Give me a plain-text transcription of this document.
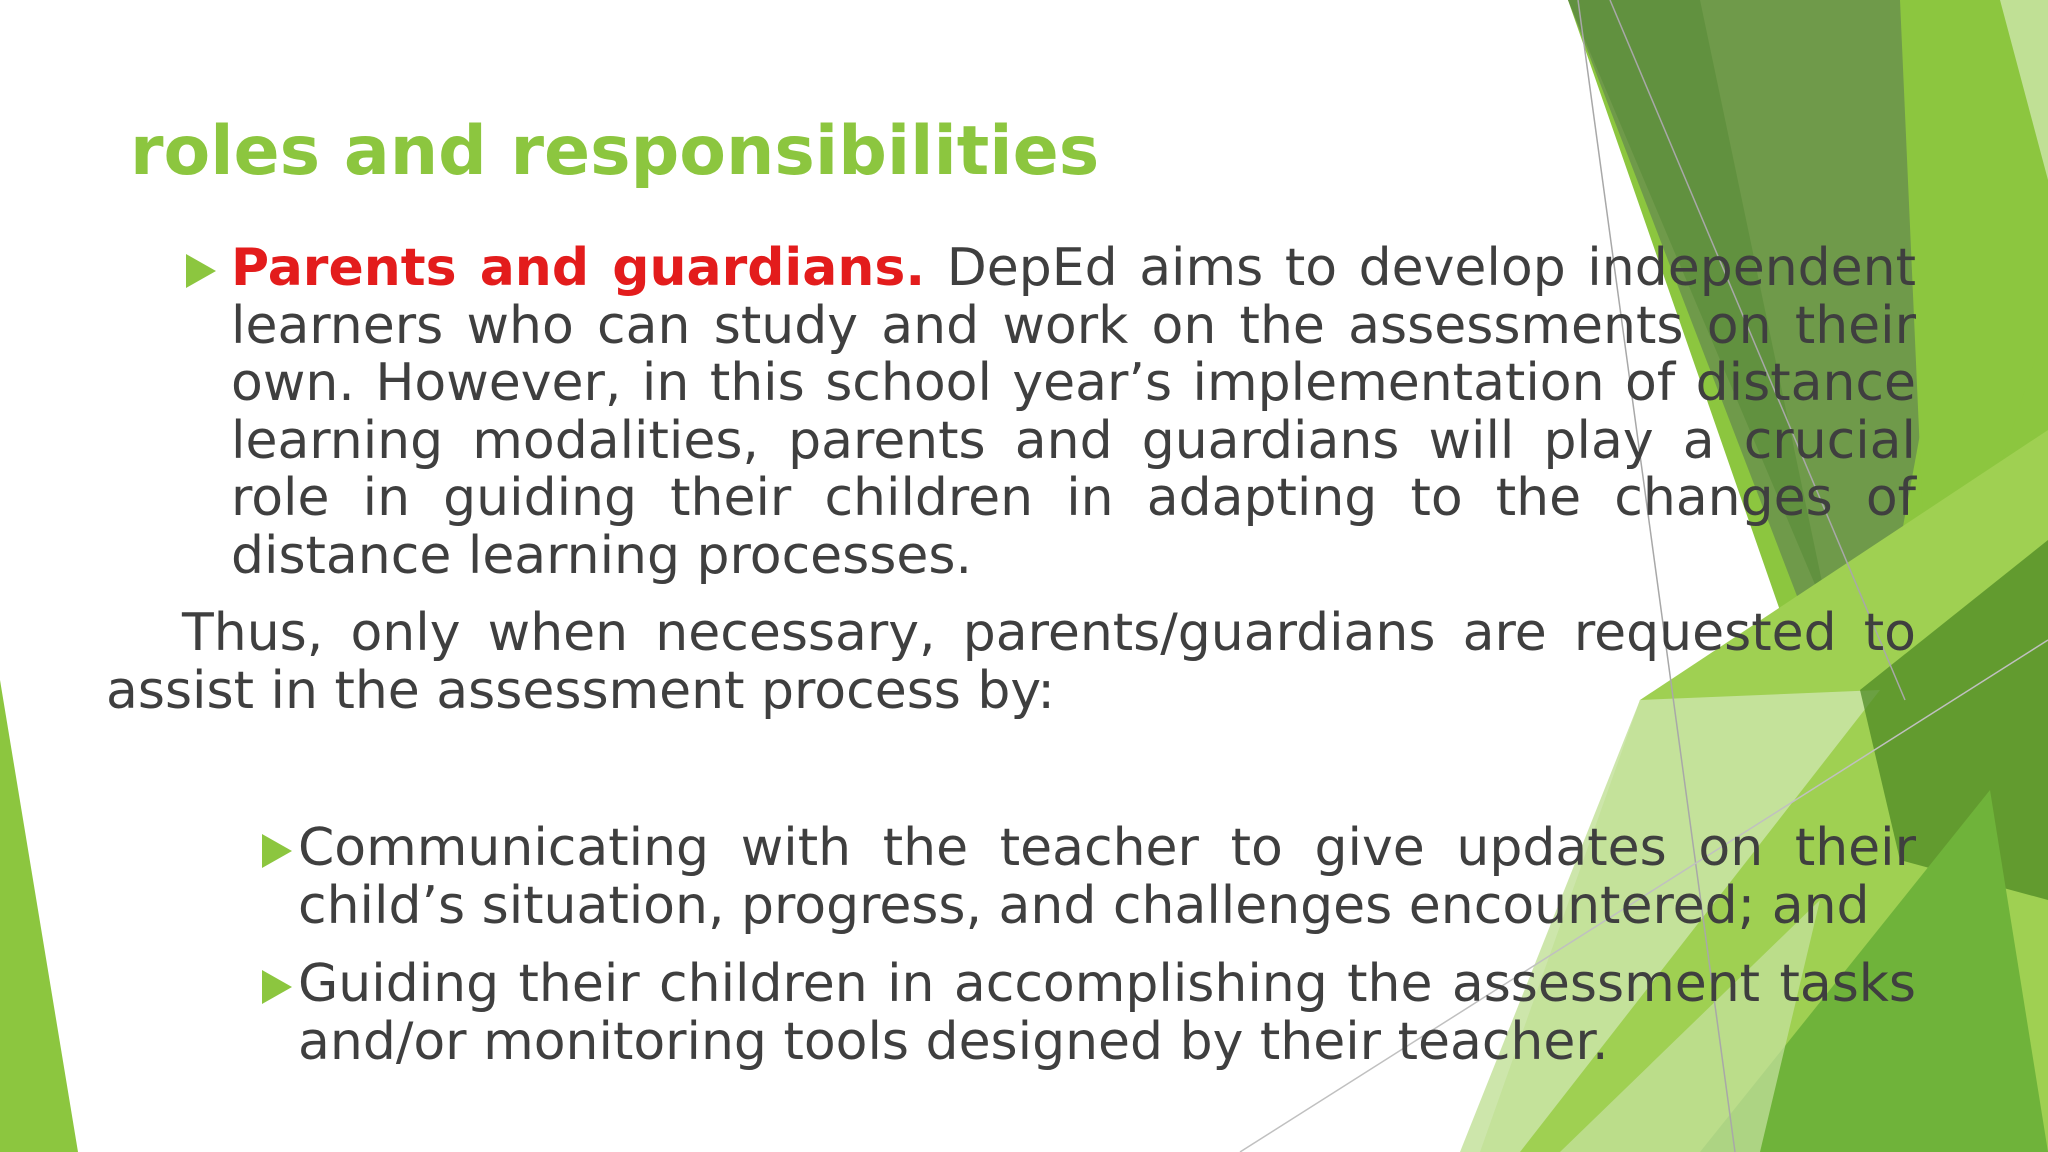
roles and responsibilities

Parents and guardians. DepEd aims to develop independent learners who can study and work on the assessments on their own. However, in this school year’s implementation of distance learning modalities, parents and guardians will play a crucial role in guiding their children in adapting to the changes of distance learning processes.

Thus, only when necessary, parents/guardians are requested to assist in the assessment process by:

Communicating with the teacher to give updates on their child’s situation, progress, and challenges encountered; and

Guiding their children in accomplishing the assessment tasks and/or monitoring tools designed by their teacher.
